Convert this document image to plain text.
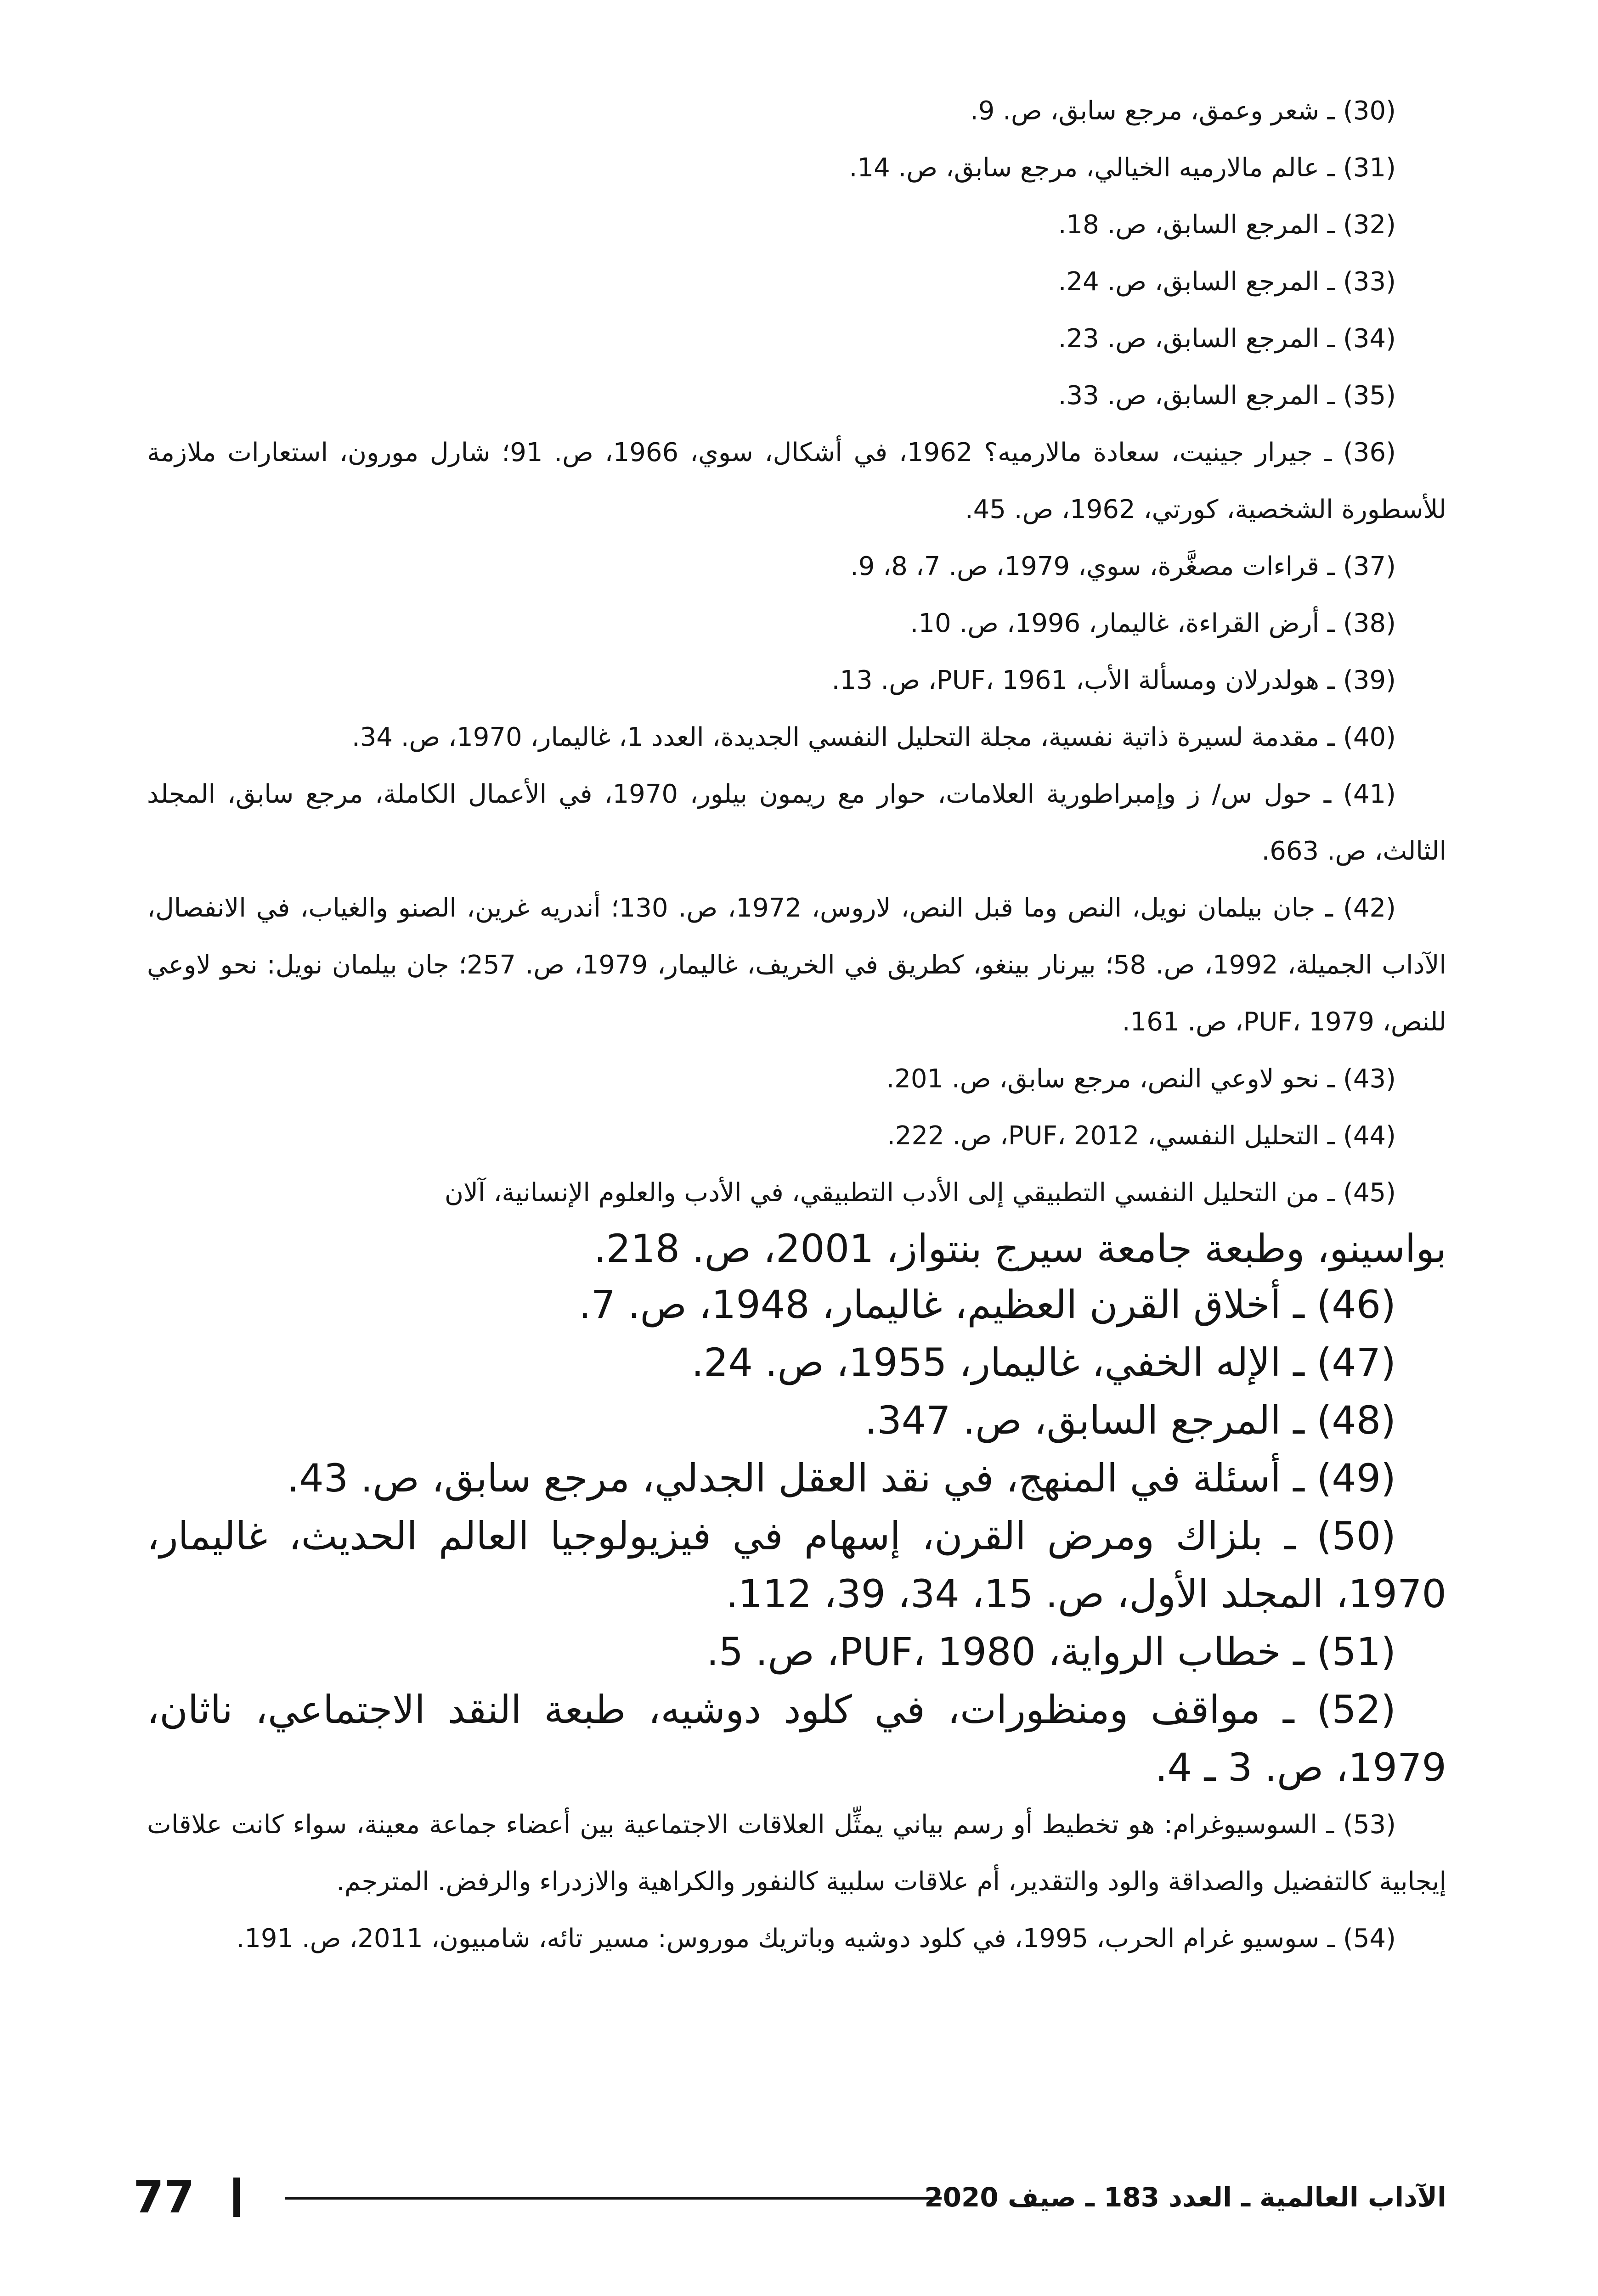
(30) ـ شعر وعمق، مرجع سابق، ص. 9.

(31) ـ عالم مالارميه الخيالي، مرجع سابق، ص. 14.

(32) ـ المرجع السابق، ص. 18.

(33) ـ المرجع السابق، ص. 24.

(34) ـ المرجع السابق، ص. 23.

(35) ـ المرجع السابق، ص. 33.

(36) ـ جيرار جينيت، سعادة مالارميه؟ 1962، في أشكال، سوي، 1966، ص. 91؛ شارل مورون، استعارات ملازمة للأسطورة الشخصية، كورتي، 1962، ص. 45.

(37) ـ قراءات مصغَّرة، سوي، 1979، ص. 7، 8، 9.

(38) ـ أرض القراءة، غاليمار، 1996، ص. 10.

(39) ـ هولدرلان ومسألة الأب، PUF، 1961، ص. 13.

(40) ـ مقدمة لسيرة ذاتية نفسية، مجلة التحليل النفسي الجديدة، العدد 1، غاليمار، 1970، ص. 34.

(41) ـ حول س/ ز وإمبراطورية العلامات، حوار مع ريمون بيلور، 1970، في الأعمال الكاملة، مرجع سابق، المجلد الثالث، ص. 663.

(42) ـ جان بيلمان نويل، النص وما قبل النص، لاروس، 1972، ص. 130؛ أندريه غرين، الصنو والغياب، في الانفصال، الآداب الجميلة، 1992، ص. 58؛ بيرنار بينغو، كطريق في الخريف، غاليمار، 1979، ص. 257؛ جان بيلمان نويل: نحو لاوعي للنص، PUF، 1979، ص. 161.

(43) ـ نحو لاوعي النص، مرجع سابق، ص. 201.

(44) ـ التحليل النفسي، PUF، 2012، ص. 222.

(45) ـ من التحليل النفسي التطبيقي إلى الأدب التطبيقي، في الأدب والعلوم الإنسانية، آلان
بواسينو، وطبعة جامعة سيرج بنتواز، 2001، ص. 218.

(46) ـ أخلاق القرن العظيم، غاليمار، 1948، ص. 7.

(47) ـ الإله الخفي، غاليمار، 1955، ص. 24.

(48) ـ المرجع السابق، ص. 347.

(49) ـ أسئلة في المنهج، في نقد العقل الجدلي، مرجع سابق، ص. 43.

(50) ـ بلزاك ومرض القرن، إسهام في فيزيولوجيا العالم الحديث، غاليمار، 1970، المجلد الأول، ص. 15، 34، 39، 112.

(51) ـ خطاب الرواية، PUF، 1980، ص. 5.

(52) ـ مواقف ومنظورات، في كلود دوشيه، طبعة النقد الاجتماعي، ناثان، 1979، ص. 3 ـ 4.

(53) ـ السوسيوغرام: هو تخطيط أو رسم بياني يمثِّل العلاقات الاجتماعية بين أعضاء جماعة معينة، سواء كانت علاقات إيجابية كالتفضيل والصداقة والود والتقدير، أم علاقات سلبية كالنفور والكراهية والازدراء والرفض. المترجم.

(54) ـ سوسيو غرام الحرب، 1995، في كلود دوشيه وباتريك موروس: مسير تائه، شامبيون، 2011، ص. 191.

77	الآداب العالمية ـ العدد 183 ـ صيف 2020
